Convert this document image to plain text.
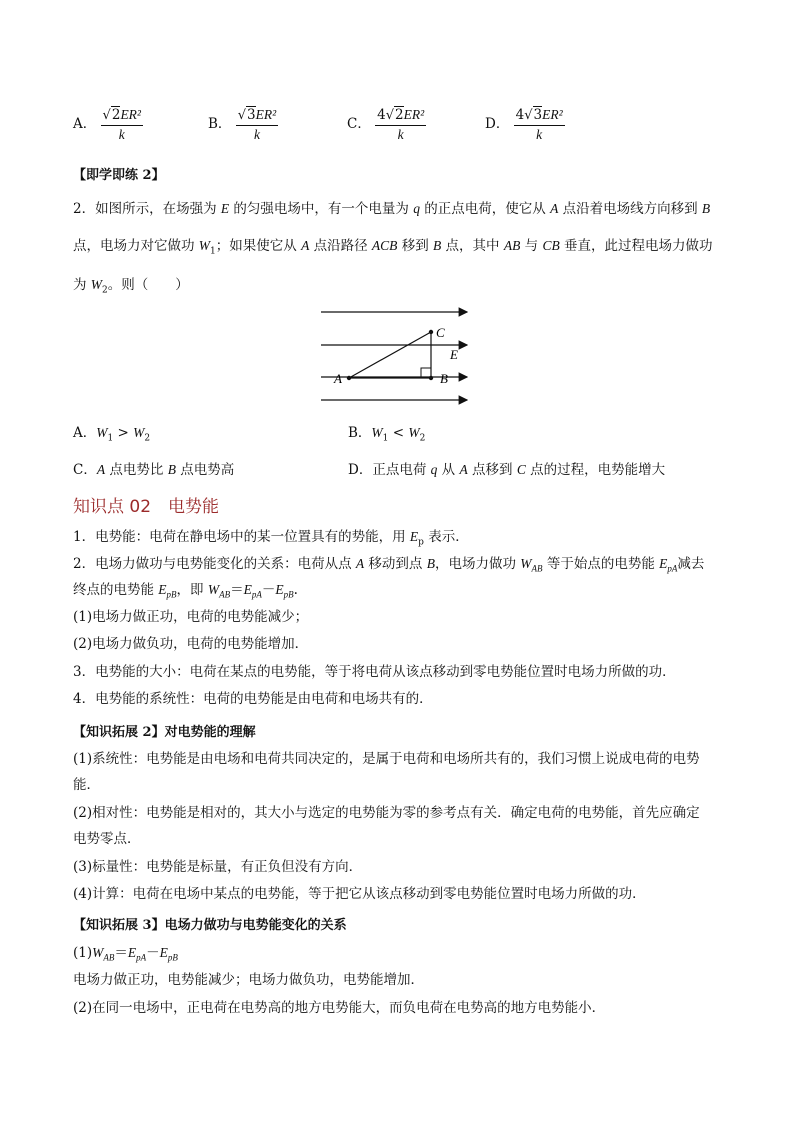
A． $\frac{\text{√2ER²}}{k}$	B． $\frac{\text{√3ER²}}{k}$	C． $\frac{\text{4√2ER²}}{k}$	D． $\frac{\text{4√3ER²}}{k}$
【即学即练 2】
2．如图所示，在场强为 E 的匀强电场中，有一个电量为 q 的正点电荷，使它从 A 点沿着电场线方向移到 B
点，电场力对它做功 $W_1$；如果使它从 A 点沿路径 ACB 移到 B 点，其中 AB 与 CB 垂直，此过程电场力做功
为 $W_2$。则（　　）
A	B
C
E
A．$W_1 > W_2$	B．$W_1 < W_2$
C．A 点电势比 B 点电势高	D．正点电荷 q 从 A 点移到 C 点的过程，电势能增大
知识点 02　电势能
1．电势能：电荷在静电场中的某一位置具有的势能，用 $E_p$ 表示．
2．电场力做功与电势能变化的关系：电荷从点 A 移动到点 B，电场力做功 $W_{AB}$ 等于始点的电势能 $E_{pA}$减去
终点的电势能 $E_{pB}$，即 $W_{AB}=E_{pA}-E_{pB}$.
(1)电场力做正功，电荷的电势能减少；
(2)电场力做负功，电荷的电势能增加．
3．电势能的大小：电荷在某点的电势能，等于将电荷从该点移动到零电势能位置时电场力所做的功．
4．电势能的系统性：电荷的电势能是由电荷和电场共有的．
【知识拓展 2】对电势能的理解
(1)系统性：电势能是由电场和电荷共同决定的，是属于电荷和电场所共有的，我们习惯上说成电荷的电势
能．
(2)相对性：电势能是相对的，其大小与选定的电势能为零的参考点有关．确定电荷的电势能，首先应确定
电势零点．
(3)标量性：电势能是标量，有正负但没有方向．
(4)计算：电荷在电场中某点的电势能，等于把它从该点移动到零电势能位置时电场力所做的功．
【知识拓展 3】电场力做功与电势能变化的关系
$(1)W_{AB}=E_{pA}-E_{pB}$
电场力做正功，电势能减少；电场力做负功，电势能增加．
(2)在同一电场中，正电荷在电势高的地方电势能大，而负电荷在电势高的地方电势能小．
